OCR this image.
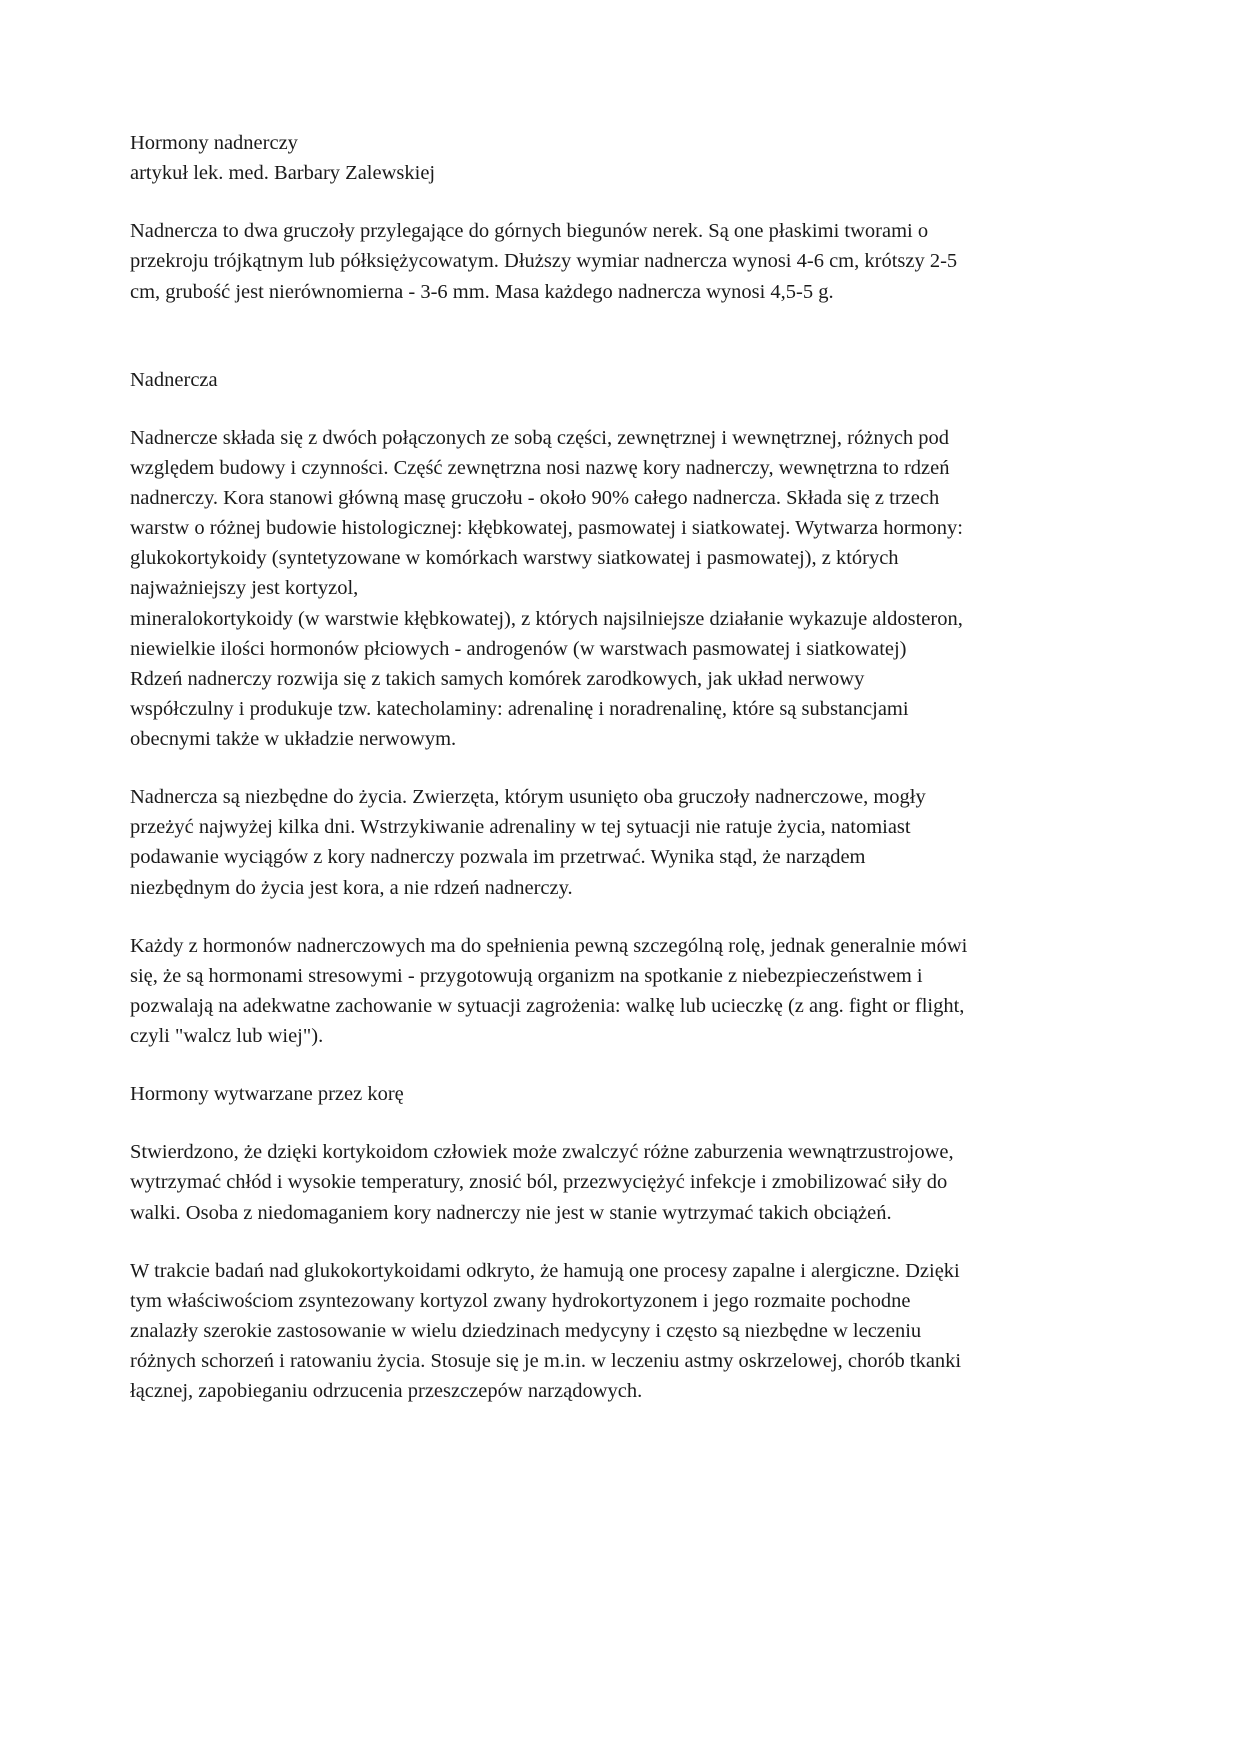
Hormony nadnerczy

artykuł lek. med. Barbary Zalewskiej

Nadnercza to dwa gruczoły przylegające do górnych biegunów nerek. Są one płaskimi tworami o przekroju trójkątnym lub półksiężycowatym. Dłuższy wymiar nadnercza wynosi 4-6 cm, krótszy 2-5 cm, grubość jest nierównomierna - 3-6 mm. Masa każdego nadnercza wynosi 4,5-5 g.

Nadnercza

Nadnercze składa się z dwóch połączonych ze sobą części, zewnętrznej i wewnętrznej, różnych pod względem budowy i czynności. Część zewnętrzna nosi nazwę kory nadnerczy, wewnętrzna to rdzeń nadnerczy. Kora stanowi główną masę gruczołu - około 90% całego nadnercza. Składa się z trzech warstw o różnej budowie histologicznej: kłębkowatej, pasmowatej i siatkowatej. Wytwarza hormony:

glukokortykoidy (syntetyzowane w komórkach warstwy siatkowatej i pasmowatej), z których najważniejszy jest kortyzol,

mineralokortykoidy (w warstwie kłębkowatej), z których najsilniejsze działanie wykazuje aldosteron,

niewielkie ilości hormonów płciowych - androgenów (w warstwach pasmowatej i siatkowatej)

Rdzeń nadnerczy rozwija się z takich samych komórek zarodkowych, jak układ nerwowy współczulny i produkuje tzw. katecholaminy: adrenalinę i noradrenalinę, które są substancjami obecnymi także w układzie nerwowym.

Nadnercza są niezbędne do życia. Zwierzęta, którym usunięto oba gruczoły nadnerczowe, mogły przeżyć najwyżej kilka dni. Wstrzykiwanie adrenaliny w tej sytuacji nie ratuje życia, natomiast podawanie wyciągów z kory nadnerczy pozwala im przetrwać. Wynika stąd, że narządem niezbędnym do życia jest kora, a nie rdzeń nadnerczy.

Każdy z hormonów nadnerczowych ma do spełnienia pewną szczególną rolę, jednak generalnie mówi się, że są hormonami stresowymi - przygotowują organizm na spotkanie z niebezpieczeństwem i pozwalają na adekwatne zachowanie w sytuacji zagrożenia: walkę lub ucieczkę (z ang. fight or flight, czyli "walcz lub wiej").

Hormony wytwarzane przez korę

Stwierdzono, że dzięki kortykoidom człowiek może zwalczyć różne zaburzenia wewnątrzustrojowe, wytrzymać chłód i wysokie temperatury, znosić ból, przezwyciężyć infekcje i zmobilizować siły do walki. Osoba z niedomaganiem kory nadnerczy nie jest w stanie wytrzymać takich obciążeń.

W trakcie badań nad glukokortykoidami odkryto, że hamują one procesy zapalne i alergiczne. Dzięki tym właściwościom zsyntezowany kortyzol zwany hydrokortyzonem i jego rozmaite pochodne znalazły szerokie zastosowanie w wielu dziedzinach medycyny i często są niezbędne w leczeniu różnych schorzeń i ratowaniu życia. Stosuje się je m.in. w leczeniu astmy oskrzelowej, chorób tkanki łącznej, zapobieganiu odrzucenia przeszczepów narządowych.
